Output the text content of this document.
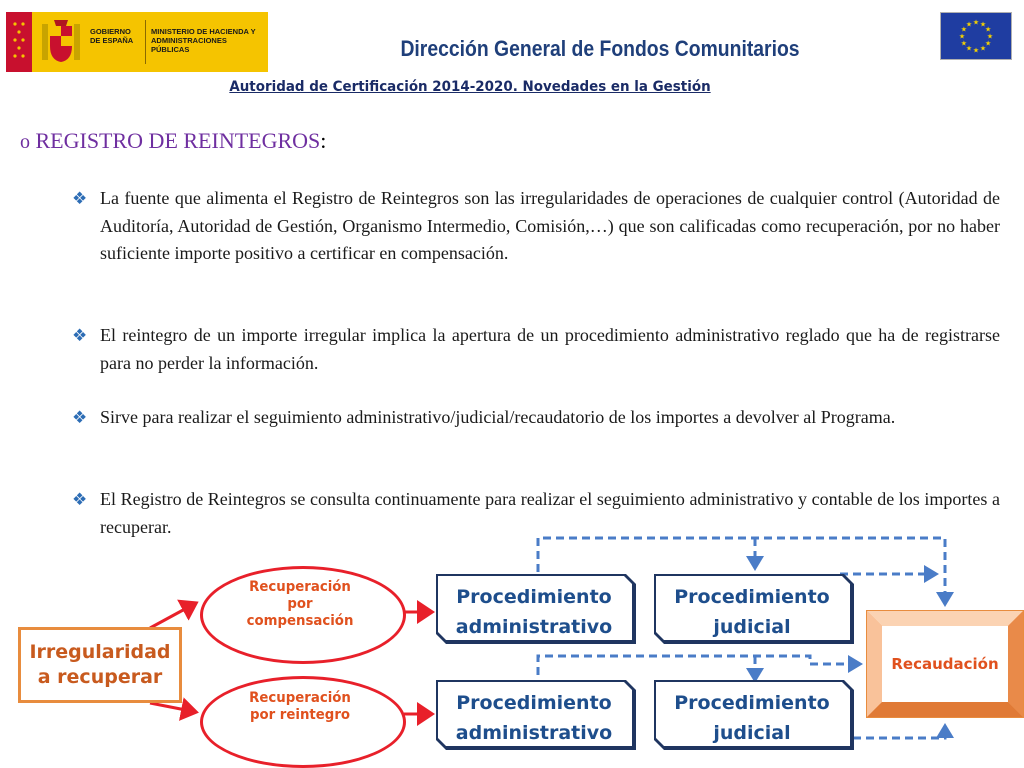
GOBIERNO DE ESPAÑA
MINISTERIO DE HACIENDA Y ADMINISTRACIONES PÚBLICAS
★
★
★
★
★
★
★
★
★ ★ ★
★
Dirección General de Fondos Comunitarios
Autoridad de Certificación 2014-2020. Novedades en la Gestión
o REGISTRO DE REINTEGROS:
❖ La fuente que alimenta el Registro de Reintegros son las irregularidades de operaciones de cualquier control (Autoridad de Auditoría, Autoridad de Gestión, Organismo Intermedio, Comisión,…) que son calificadas como recuperación, por no haber suficiente importe positivo a certificar en compensación.
❖ El reintegro de un importe irregular implica la apertura de un procedimiento administrativo reglado que ha de registrarse para no perder la información.
❖ Sirve para realizar el seguimiento administrativo/judicial/recaudatorio de los importes a devolver al Programa.
❖ El Registro de Reintegros se consulta continuamente para realizar el seguimiento administrativo y contable de los importes a recuperar.
Irregularidad
a recuperar
Recuperación
por
compensación
Recuperación
por reintegro
Procedimiento
administrativo
Procedimiento
judicial
Procedimiento
administrativo
Procedimiento
judicial
Recaudación
